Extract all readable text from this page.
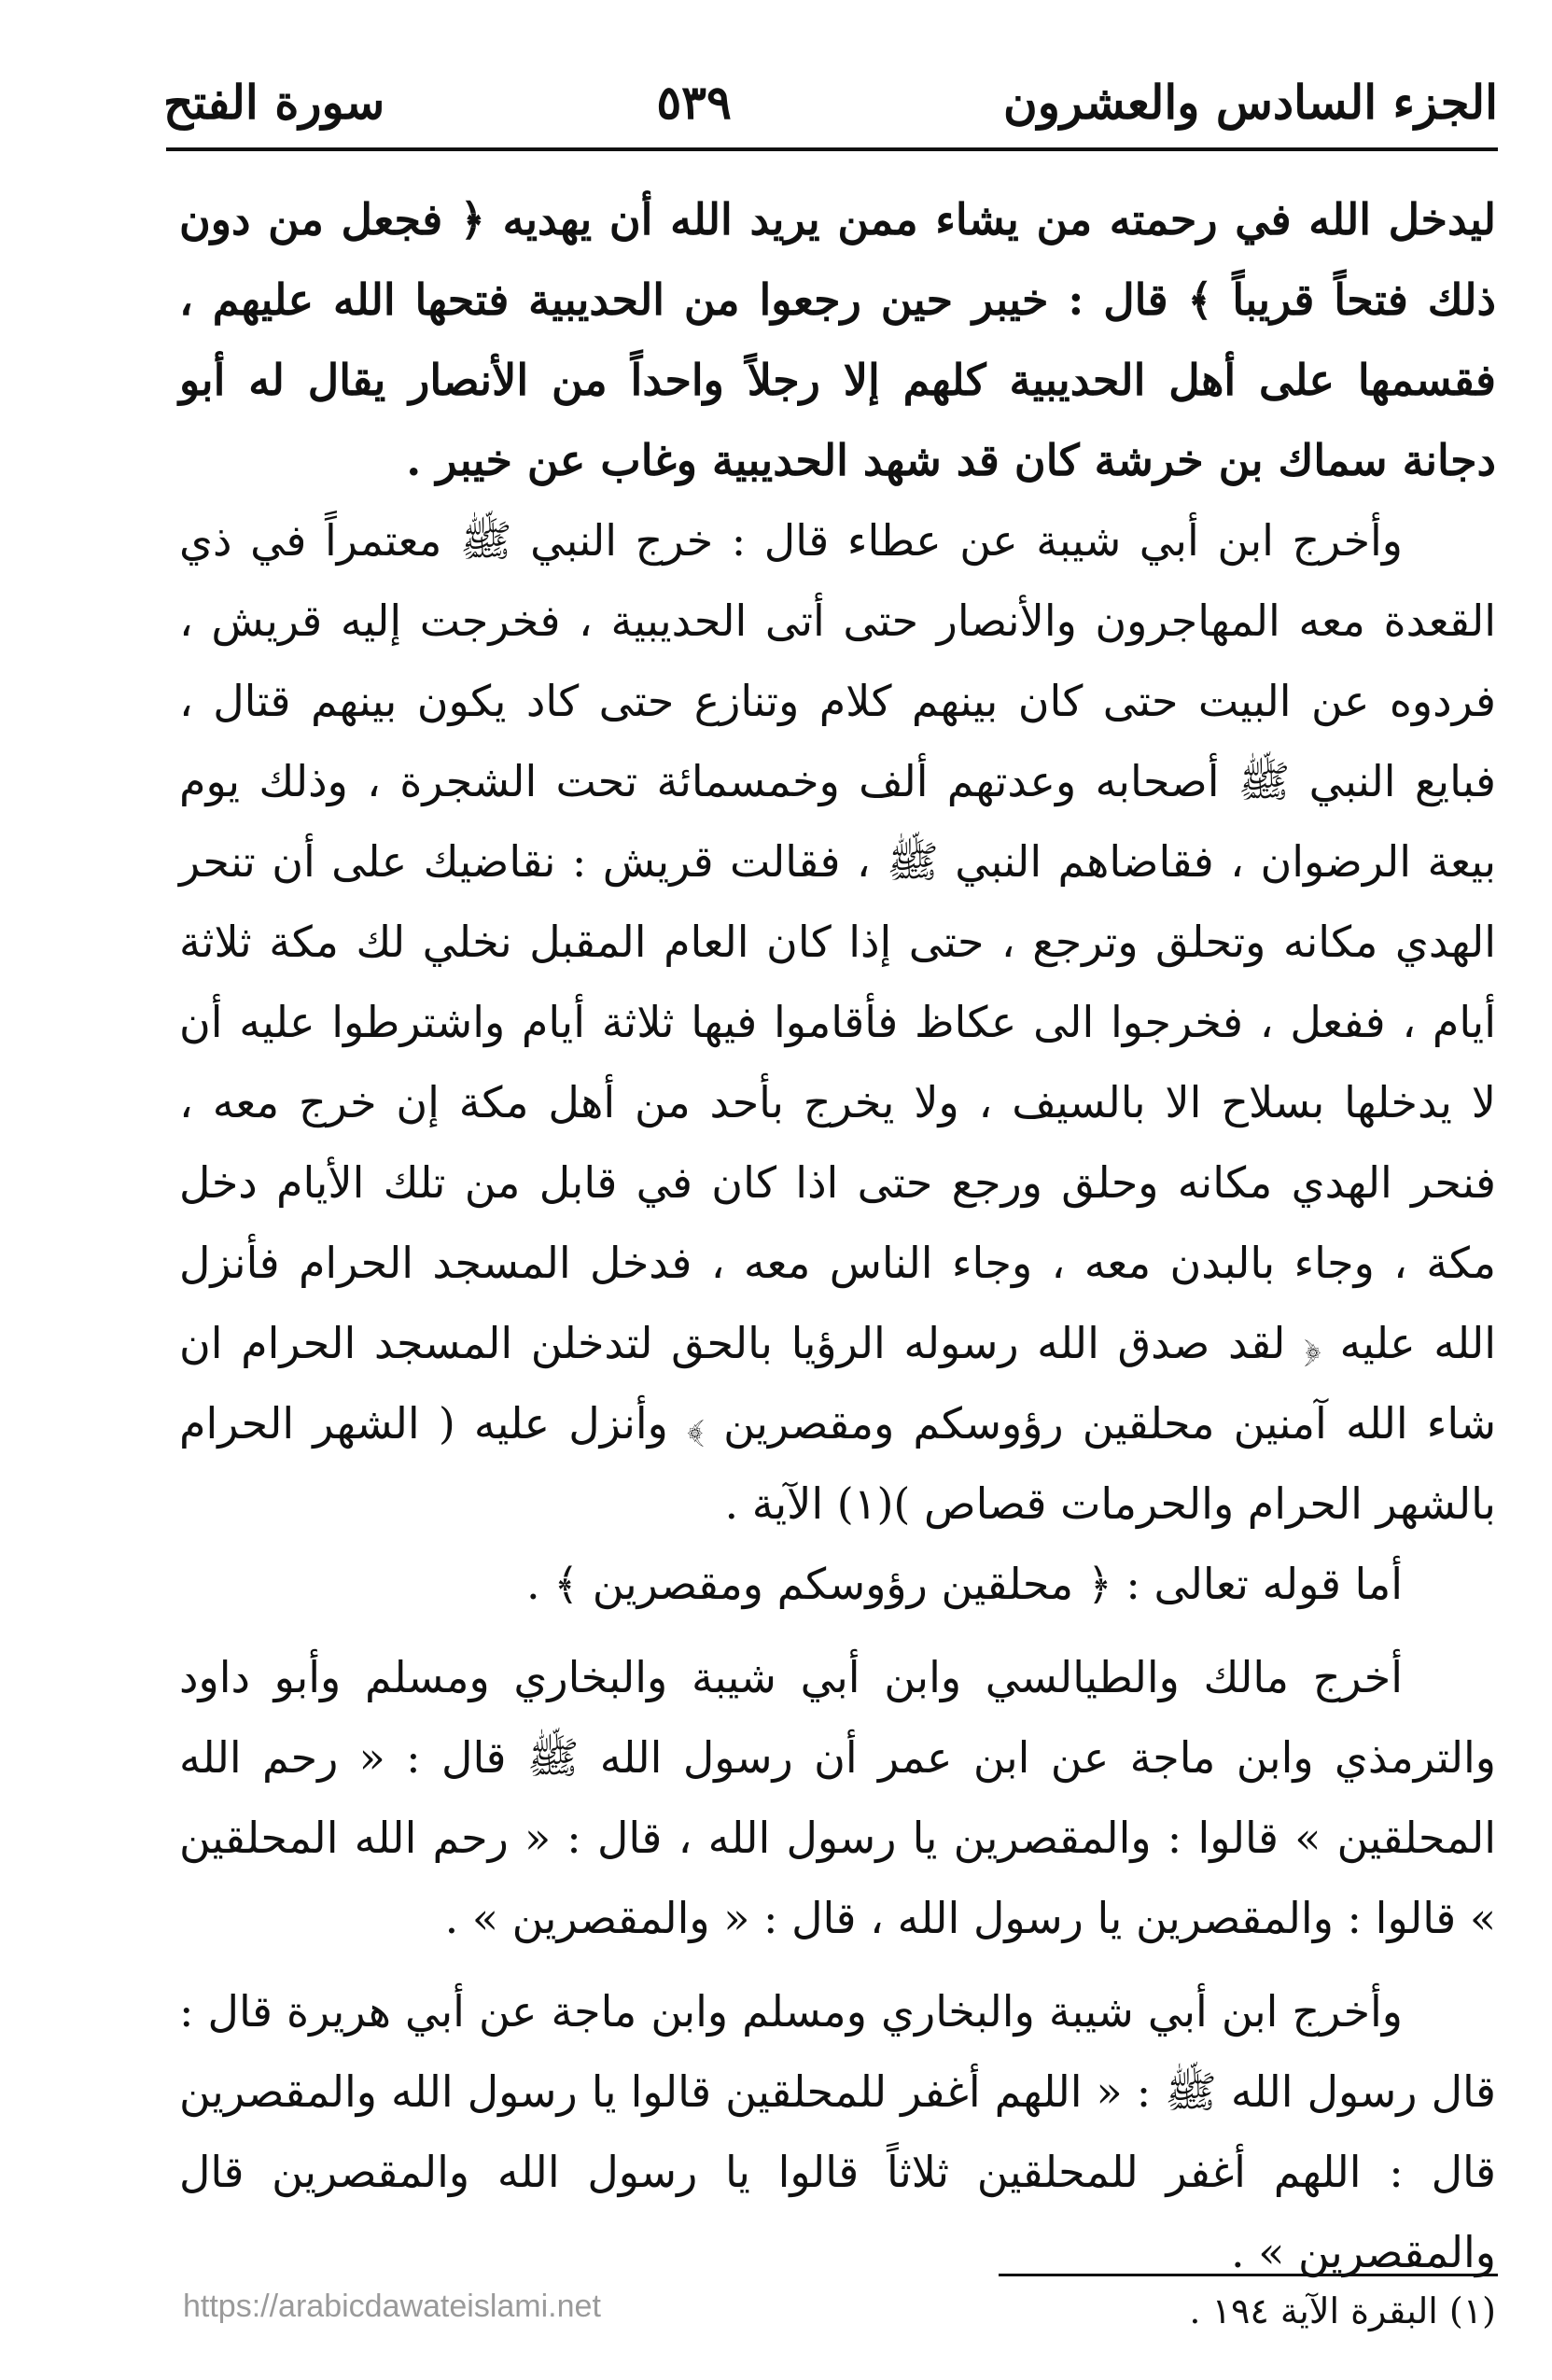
الجزء السادس والعشرون
٥٣٩
سورة الفتح

ليدخل الله في رحمته من يشاء ممن يريد الله أن يهديه ﴿ فجعل من دون ذلك فتحاً قريباً ﴾ قال : خيبر حين رجعوا من الحديبية فتحها الله عليهم ، فقسمها على أهل الحديبية كلهم إلا رجلاً واحداً من الأنصار يقال له أبو دجانة سماك بن خرشة كان قد شهد الحديبية وغاب عن خيبر .

وأخرج ابن أبي شيبة عن عطاء قال : خرج النبي ﷺ معتمراً في ذي القعدة معه المهاجرون والأنصار حتى أتى الحديبية ، فخرجت إليه قريش ، فردوه عن البيت حتى كان بينهم كلام وتنازع حتى كاد يكون بينهم قتال ، فبايع النبي ﷺ أصحابه وعدتهم ألف وخمسمائة تحت الشجرة ، وذلك يوم بيعة الرضوان ، فقاضاهم النبي ﷺ ، فقالت قريش : نقاضيك على أن تنحر الهدي مكانه وتحلق وترجع ، حتى إذا كان العام المقبل نخلي لك مكة ثلاثة أيام ، ففعل ، فخرجوا الى عكاظ فأقاموا فيها ثلاثة أيام واشترطوا عليه أن لا يدخلها بسلاح الا بالسيف ، ولا يخرج بأحد من أهل مكة إن خرج معه ، فنحر الهدي مكانه وحلق ورجع حتى اذا كان في قابل من تلك الأيام دخل مكة ، وجاء بالبدن معه ، وجاء الناس معه ، فدخل المسجد الحرام فأنزل الله عليه ﴿ لقد صدق الله رسوله الرؤيا بالحق لتدخلن المسجد الحرام ان شاء الله آمنين محلقين رؤوسكم ومقصرين ﴾ وأنزل عليه ( الشهر الحرام بالشهر الحرام والحرمات قصاص )(١) الآية .

أما قوله تعالى : ﴿ محلقين رؤوسكم ومقصرين ﴾ .

أخرج مالك والطيالسي وابن أبي شيبة والبخاري ومسلم وأبو داود والترمذي وابن ماجة عن ابن عمر أن رسول الله ﷺ قال : « رحم الله المحلقين » قالوا : والمقصرين يا رسول الله ، قال : « رحم الله المحلقين » قالوا : والمقصرين يا رسول الله ، قال : « والمقصرين » .

وأخرج ابن أبي شيبة والبخاري ومسلم وابن ماجة عن أبي هريرة قال : قال رسول الله ﷺ : « اللهم أغفر للمحلقين قالوا يا رسول الله والمقصرين قال : اللهم أغفر للمحلقين ثلاثاً قالوا يا رسول الله والمقصرين قال والمقصرين » .

(١) البقرة الآية ١٩٤ .
https://arabicdawateislami.net
